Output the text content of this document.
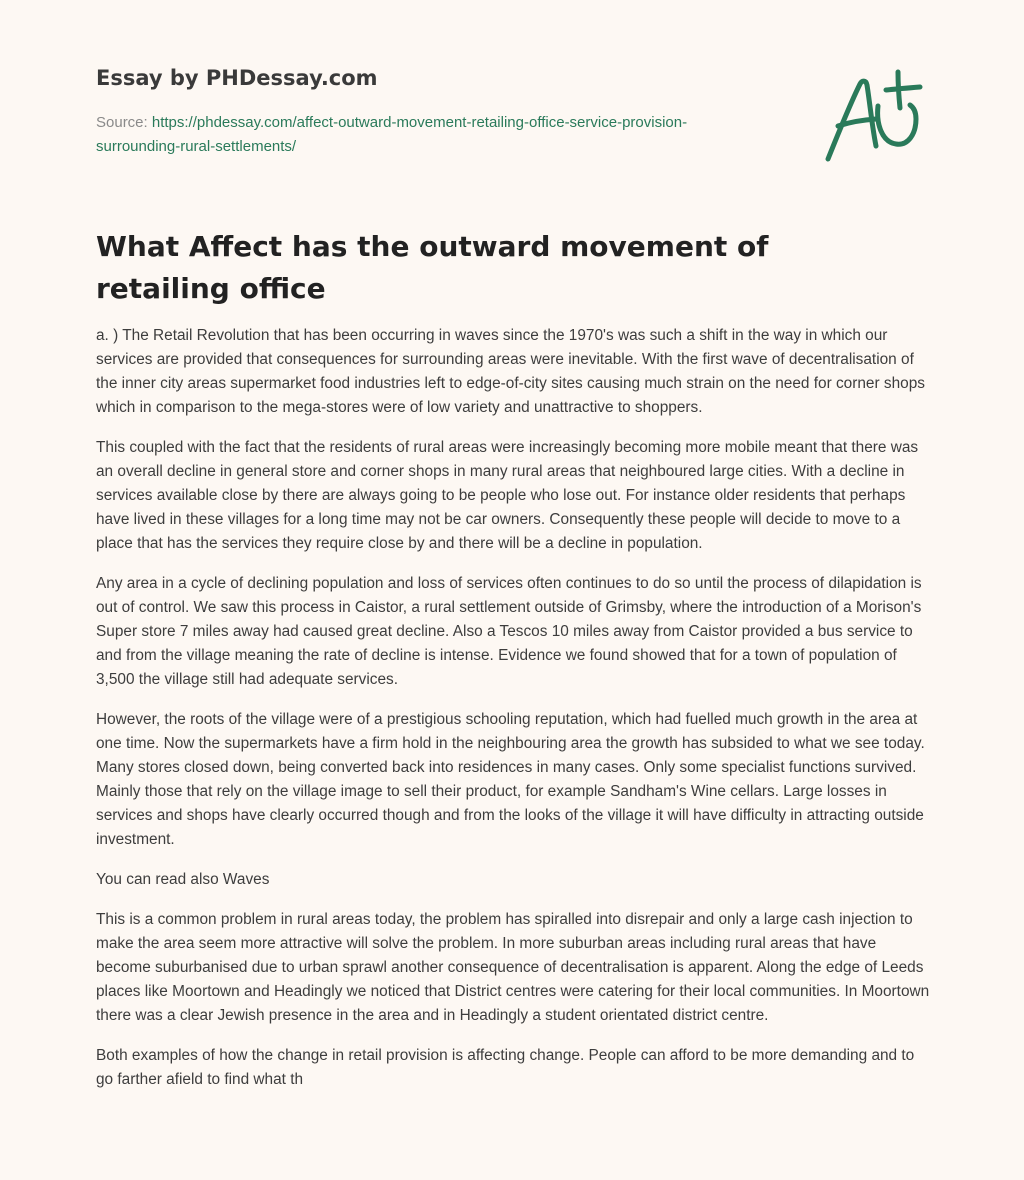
Essay by PHDessay.com
Source: https://phdessay.com/affect-outward-movement-retailing-office-service-provision-surrounding-rural-settlements/
What Affect has the outward movement of retailing office

a. ) The Retail Revolution that has been occurring in waves since the 1970's was such a shift in the way in which our services are provided that consequences for surrounding areas were inevitable. With the first wave of decentralisation of the inner city areas supermarket food industries left to edge-of-city sites causing much strain on the need for corner shops which in comparison to the mega-stores were of low variety and unattractive to shoppers.

This coupled with the fact that the residents of rural areas were increasingly becoming more mobile meant that there was an overall decline in general store and corner shops in many rural areas that neighboured large cities. With a decline in services available close by there are always going to be people who lose out. For instance older residents that perhaps have lived in these villages for a long time may not be car owners. Consequently these people will decide to move to a place that has the services they require close by and there will be a decline in population.

Any area in a cycle of declining population and loss of services often continues to do so until the process of dilapidation is out of control. We saw this process in Caistor, a rural settlement outside of Grimsby, where the introduction of a Morison's Super store 7 miles away had caused great decline. Also a Tescos 10 miles away from Caistor provided a bus service to and from the village meaning the rate of decline is intense. Evidence we found showed that for a town of population of 3,500 the village still had adequate services.

However, the roots of the village were of a prestigious schooling reputation, which had fuelled much growth in the area at one time. Now the supermarkets have a firm hold in the neighbouring area the growth has subsided to what we see today. Many stores closed down, being converted back into residences in many cases. Only some specialist functions survived. Mainly those that rely on the village image to sell their product, for example Sandham's Wine cellars. Large losses in services and shops have clearly occurred though and from the looks of the village it will have difficulty in attracting outside investment.

You can read also Waves

This is a common problem in rural areas today, the problem has spiralled into disrepair and only a large cash injection to make the area seem more attractive will solve the problem. In more suburban areas including rural areas that have become suburbanised due to urban sprawl another consequence of decentralisation is apparent. Along the edge of Leeds places like Moortown and Headingly we noticed that District centres were catering for their local communities. In Moortown there was a clear Jewish presence in the area and in Headingly a student orientated district centre.

Both examples of how the change in retail provision is affecting change. People can afford to be more demanding and to go farther afield to find what th
